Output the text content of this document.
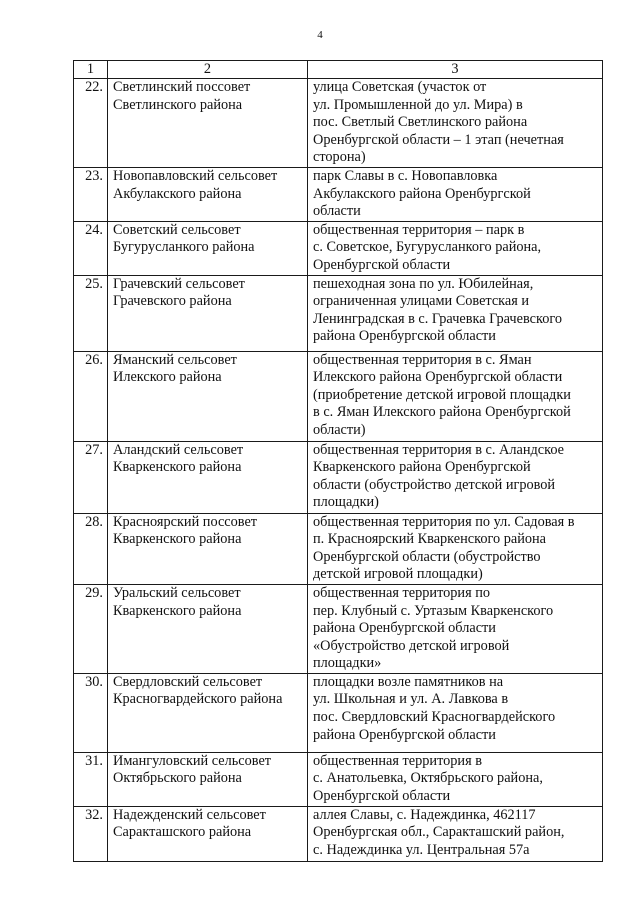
4
1	2	3
22.	Светлинский поссовет
Светлинского района	улица Советская (участок от
ул. Промышленной до ул. Мира) в
пос. Светлый Светлинского района
Оренбургской области – 1 этап (нечетная
сторона)
23.	Новопавловский сельсовет
Акбулакского района	парк Славы в с. Новопавловка
Акбулакского района Оренбургской
области
24.	Советский сельсовет
Бугурусланкого района	общественная территория – парк в
с. Советское, Бугурусланкого района,
Оренбургской области
25.	Грачевский сельсовет
Грачевского района	пешеходная зона по ул. Юбилейная,
ограниченная улицами Советская и
Ленинградская в с. Грачевка Грачевского
района Оренбургской области
26.	Яманский сельсовет
Илекского района	общественная территория в с. Яман
Илекского района Оренбургской области
(приобретение детской игровой площадки
в с. Яман Илекского района Оренбургской
области)
27.	Аландский сельсовет
Кваркенского района	общественная территория в с. Аландское
Кваркенского района Оренбургской
области (обустройство детской игровой
площадки)
28.	Красноярский поссовет
Кваркенского района	общественная территория по ул. Садовая в
п. Красноярский Кваркенского района
Оренбургской области (обустройство
детской игровой площадки)
29.	Уральский сельсовет
Кваркенского района	общественная территория по
пер. Клубный с. Уртазым Кваркенского
района Оренбургской области
«Обустройство детской игровой
площадки»
30.	Свердловский сельсовет
Красногвардейского района	площадки возле памятников на
ул. Школьная и ул. А. Лавкова в
пос. Свердловский Красногвардейского
района Оренбургской области
31.	Имангуловский сельсовет
Октябрьского района	общественная территория в
с. Анатольевка, Октябрьского района,
Оренбургской области
32.	Надежденский сельсовет
Саракташского района	аллея Славы, с. Надеждинка, 462117
Оренбургская обл., Саракташский район,
с. Надеждинка ул. Центральная 57а
